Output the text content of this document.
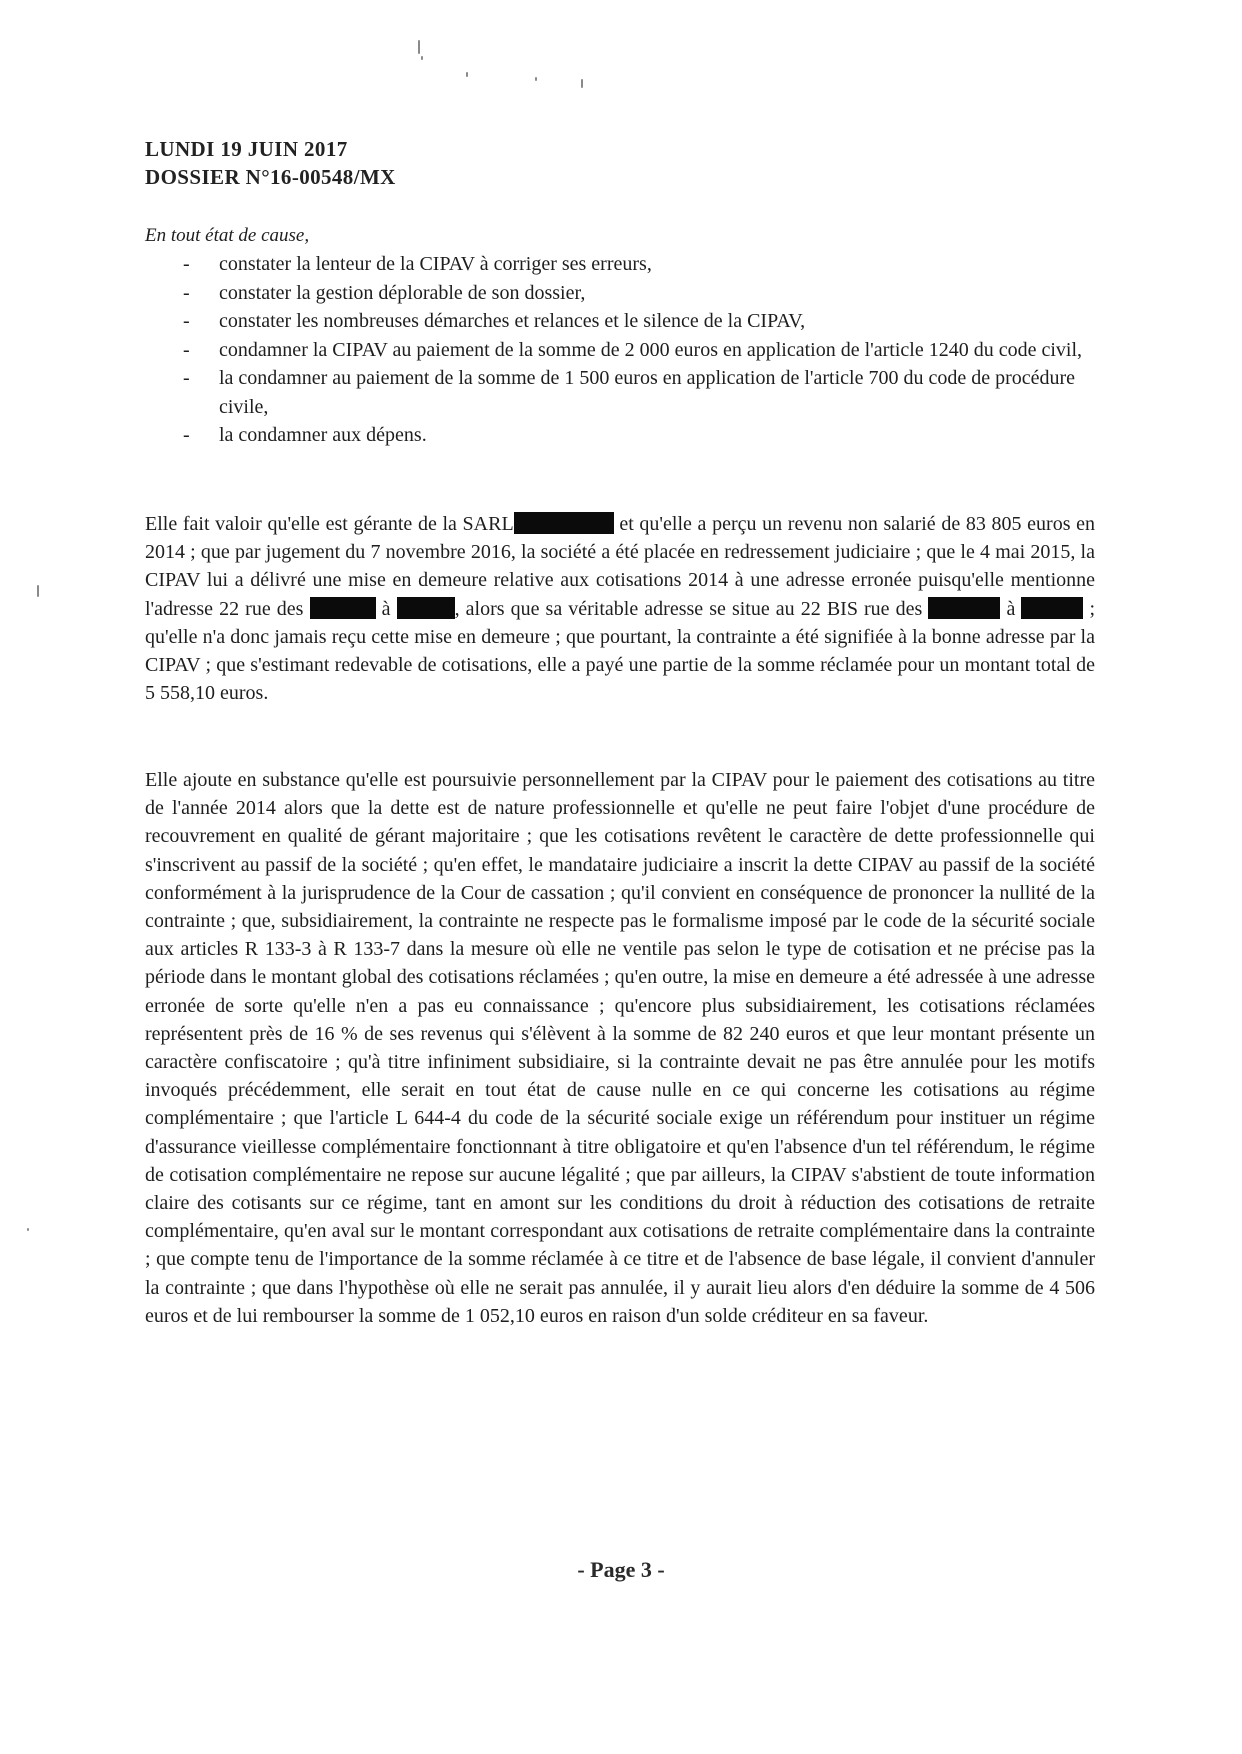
LUNDI 19 JUIN 2017
DOSSIER N°16-00548/MX
En tout état de cause,
- constater la lenteur de la CIPAV à corriger ses erreurs,
- constater la gestion déplorable de son dossier,
- constater les nombreuses démarches et relances et le silence de la CIPAV,
- condamner la CIPAV au paiement de la somme de 2 000 euros en application de l'article 1240 du code civil,
- la condamner au paiement de la somme de 1 500 euros en application de l'article 700 du code de procédure civile,
- la condamner aux dépens.

Elle fait valoir qu'elle est gérante de la SARL	et qu'elle a perçu un revenu non salarié de 83 805 euros en 2014 ; que par jugement du 7 novembre 2016, la société a été placée en redressement judiciaire ; que le 4 mai 2015, la CIPAV lui a délivré une mise en demeure relative aux cotisations 2014 à une adresse erronée puisqu'elle mentionne l'adresse 22 rue des	à	, alors que sa véritable adresse se situe au 22 BIS rue des	à	; qu'elle n'a donc jamais reçu cette mise en demeure ; que pourtant, la contrainte a été signifiée à la bonne adresse par la CIPAV ; que s'estimant redevable de cotisations, elle a payé une partie de la somme réclamée pour un montant total de 5 558,10 euros.

Elle ajoute en substance qu'elle est poursuivie personnellement par la CIPAV pour le paiement des cotisations au titre de l'année 2014 alors que la dette est de nature professionnelle et qu'elle ne peut faire l'objet d'une procédure de recouvrement en qualité de gérant majoritaire ; que les cotisations revêtent le caractère de dette professionnelle qui s'inscrivent au passif de la société ; qu'en effet, le mandataire judiciaire a inscrit la dette CIPAV au passif de la société conformément à la jurisprudence de la Cour de cassation ; qu'il convient en conséquence de prononcer la nullité de la contrainte ; que, subsidiairement, la contrainte ne respecte pas le formalisme imposé par le code de la sécurité sociale aux articles R 133-3 à R 133-7 dans la mesure où elle ne ventile pas selon le type de cotisation et ne précise pas la période dans le montant global des cotisations réclamées ; qu'en outre, la mise en demeure a été adressée à une adresse erronée de sorte qu'elle n'en a pas eu connaissance ; qu'encore plus subsidiairement, les cotisations réclamées représentent près de 16 % de ses revenus qui s'élèvent à la somme de 82 240 euros et que leur montant présente un caractère confiscatoire ; qu'à titre infiniment subsidiaire, si la contrainte devait ne pas être annulée pour les motifs invoqués précédemment, elle serait en tout état de cause nulle en ce qui concerne les cotisations au régime complémentaire ; que l'article L 644-4 du code de la sécurité sociale exige un référendum pour instituer un régime d'assurance vieillesse complémentaire fonctionnant à titre obligatoire et qu'en l'absence d'un tel référendum, le régime de cotisation complémentaire ne repose sur aucune légalité ; que par ailleurs, la CIPAV s'abstient de toute information claire des cotisants sur ce régime, tant en amont sur les conditions du droit à réduction des cotisations de retraite complémentaire, qu'en aval sur le montant correspondant aux cotisations de retraite complémentaire dans la contrainte ; que compte tenu de l'importance de la somme réclamée à ce titre et de l'absence de base légale, il convient d'annuler la contrainte ; que dans l'hypothèse où elle ne serait pas annulée, il y aurait lieu alors d'en déduire la somme de 4 506 euros et de lui rembourser la somme de 1 052,10 euros en raison d'un solde créditeur en sa faveur.

- Page 3 -
